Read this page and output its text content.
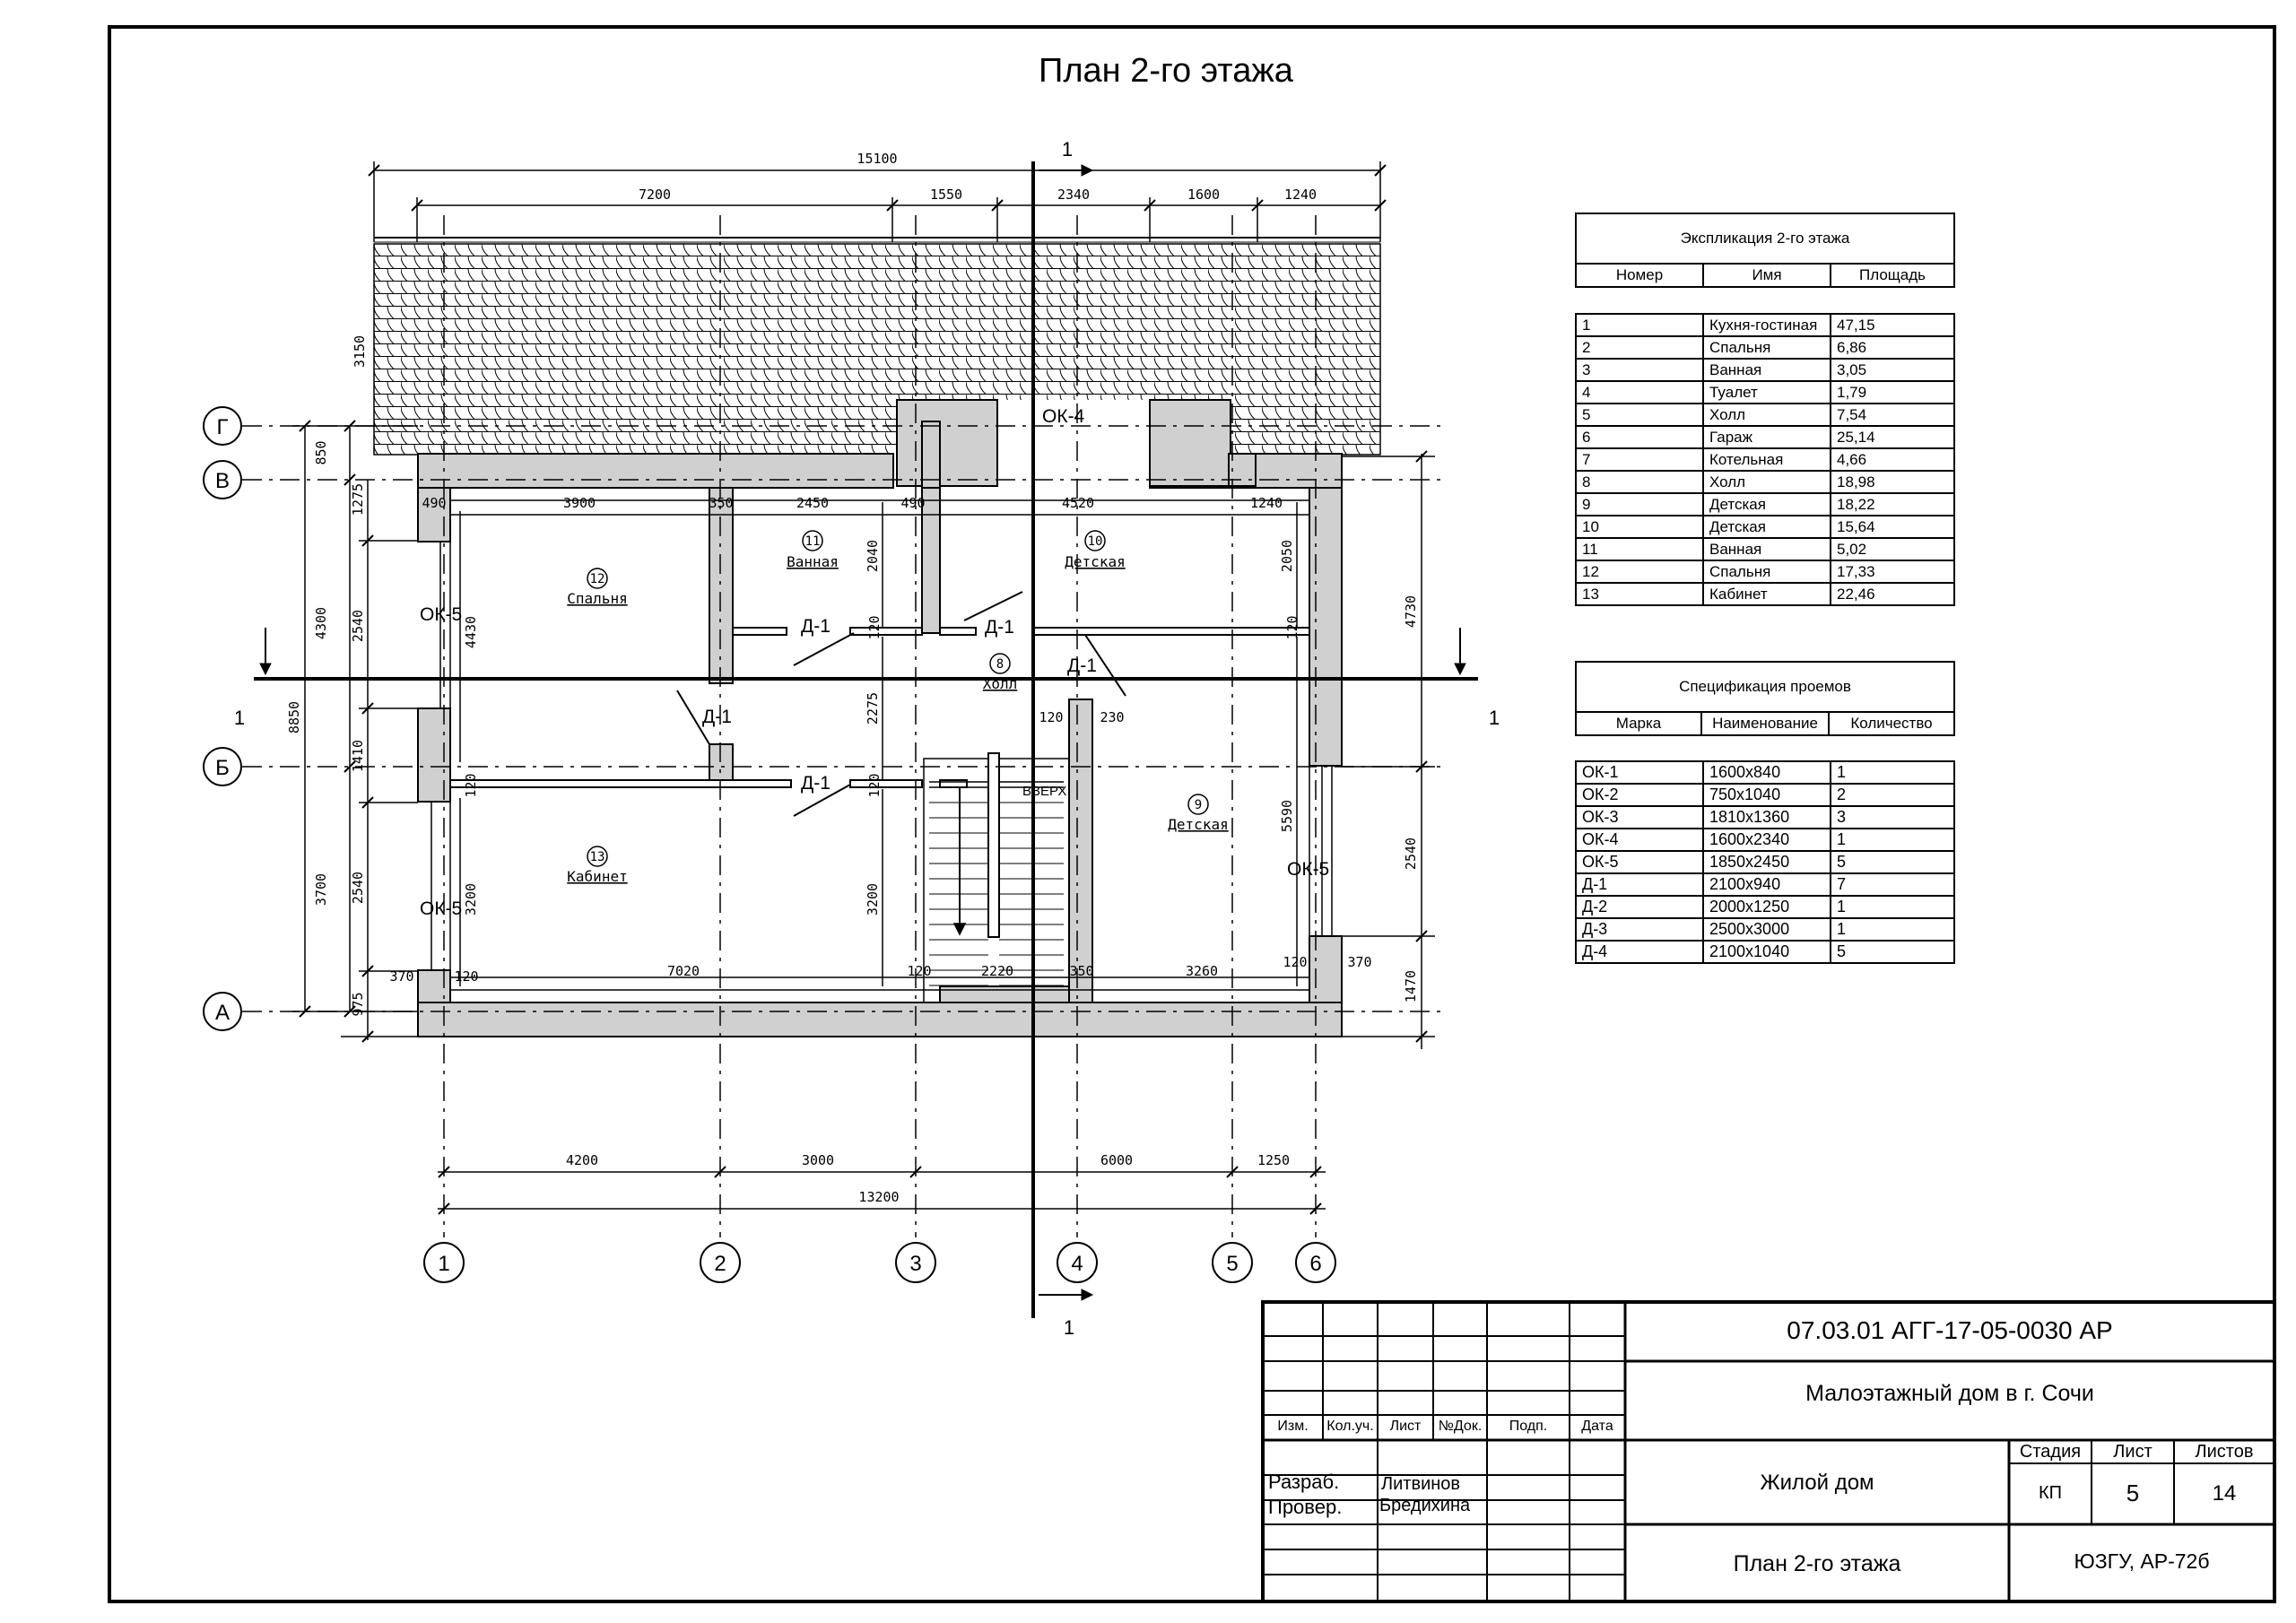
Г
В
Б
А
1	2	3	4	5	6
1	1
1
1
15100
7200	1550	2340	1600	1240
4200	3000	6000	1250
13200
490	3900	350	2450	490	4520	1240
370	120	7020	120	2220	350	3260
120	370
3150
850
4300
3700
8850
1275
2540
1410
2540
975
4730
2540
1470
2040
4430
2050
2275
3200	3200
5590
120	120
120	120
120	230
ОК-4
ОК-5
ОК-5
ОК-5
Д-1	Д-1
Д-1
Д-1
Д-1	ВВЕРХ
12
11	10
8
13
9
Спальня
Ванная	Детская
Холл
Кабинет
Детская
План 2-го этажа
Экспликация 2-го этажа
Номер	Имя	Площадь
1	Кухня-гостиная	47,15
2	Спальня	6,86
3	Ванная	3,05
4	Туалет	1,79
5	Холл	7,54
6	Гараж	25,14
7	Котельная	4,66
8	Холл	18,98
9	Детская	18,22
10	Детская	15,64
11	Ванная	5,02
12	Спальня	17,33
13	Кабинет	22,46
Спецификация проемов
Марка	Наименование	Количество
ОК-1	1600х840	1
ОК-2	750х1040	2
ОК-3	1810х1360	3
ОК-4	1600х2340	1
ОК-5	1850х2450	5
Д-1	2100х940	7
Д-2	2000х1250	1
Д-3	2500х3000	1
Д-4	2100х1040	5
07.03.01 АГГ-17-05-0030 АР
Малоэтажный дом в г. Сочи
Жилой дом
План 2-го этажа	ЮЗГУ, АР-72б
Стадия	Лист	Листов
КП	5	14
Изм.	Кол.уч.	Лист	№Док.	Подп.	Дата
Разраб. Литвинов
Провер. Бредихина
